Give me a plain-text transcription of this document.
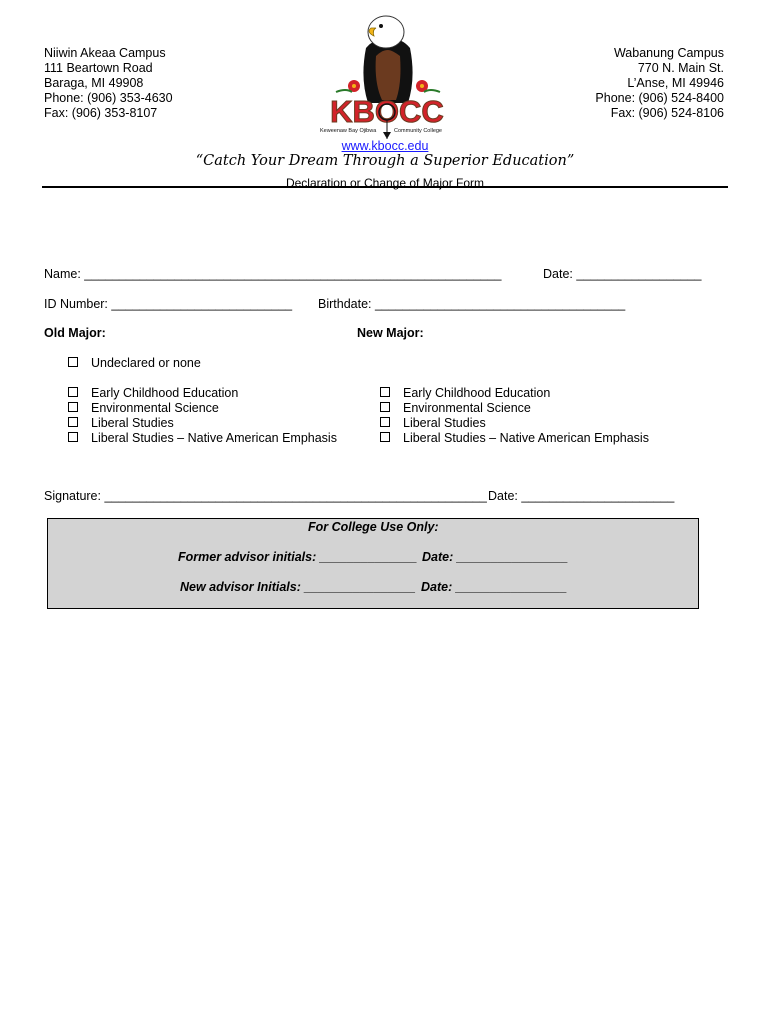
Niiwin Akeaa Campus
111 Beartown Road
Baraga, MI 49908
Phone: (906) 353-4630
Fax: (906) 353-8107
Wabanung Campus
770 N. Main St.
L’Anse, MI 49946
Phone: (906) 524-8400
Fax: (906) 524-8106
KBOCC
Keweenaw Bay Ojibwa	Community College
www.kbocc.edu
“Catch Your Dream Through a Superior Education”
Declaration or Change of Major Form
Name: ____________________________________________________________	Date: __________________
ID Number: __________________________ Birthdate: ____________________________________
Old Major:	New Major:
Undeclared or none
Early Childhood Education
Environmental Science
Liberal Studies
Liberal Studies – Native American Emphasis
Early Childhood Education
Environmental Science
Liberal Studies
Liberal Studies – Native American Emphasis
Signature: _______________________________________________________ Date: ______________________
For College Use Only:
Former advisor initials: ______________ Date: ________________
New advisor Initials: ________________ Date: ________________
